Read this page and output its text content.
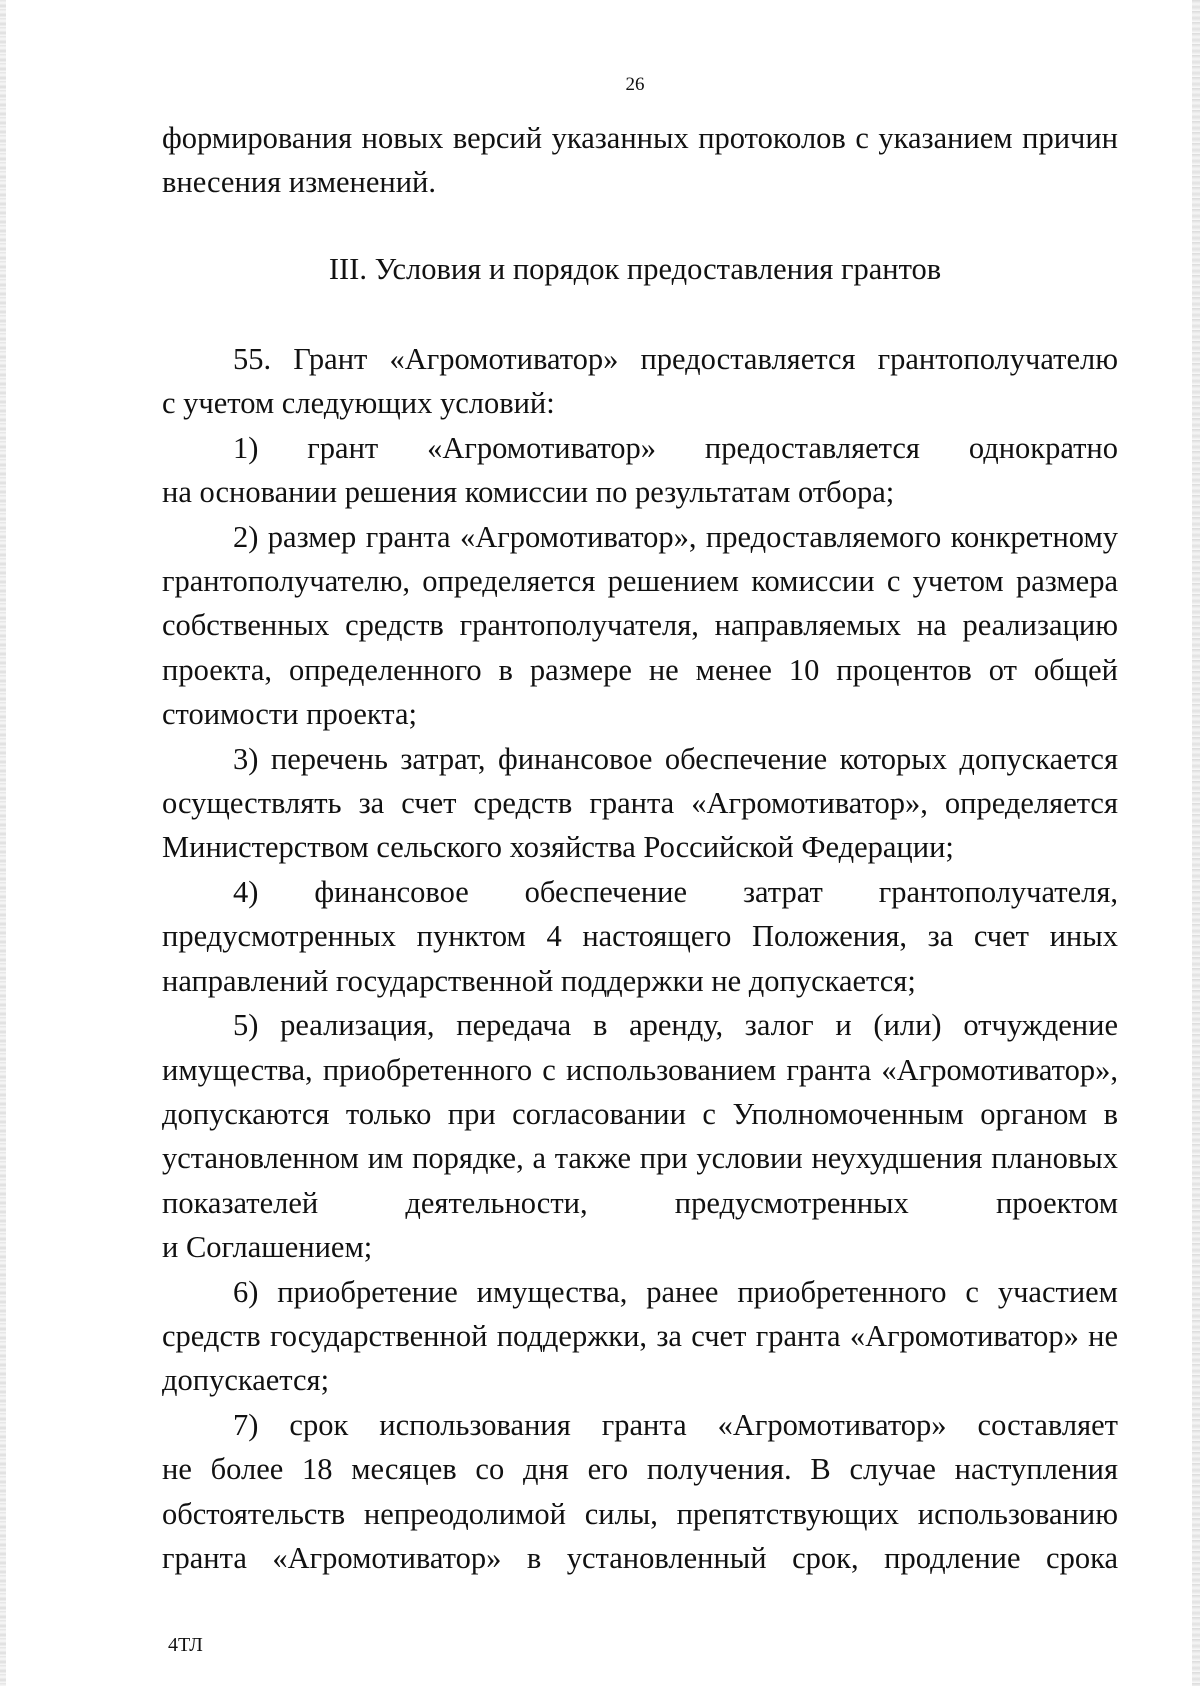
26

формирования новых версий указанных протоколов с указанием причин внесения изменений.

III. Условия и порядок предоставления грантов

55. Грант «Агромотиватор» предоставляется грантополучателю
с учетом следующих условий:

1) грант «Агромотиватор» предоставляется однократно
на основании решения комиссии по результатам отбора;

2) размер гранта «Агромотиватор», предоставляемого конкретному грантополучателю, определяется решением комиссии с учетом размера собственных средств грантополучателя, направляемых на реализацию проекта, определенного в размере не менее 10 процентов от общей стоимости проекта;

3) перечень затрат, финансовое обеспечение которых допускается осуществлять за счет средств гранта «Агромотиватор», определяется Министерством сельского хозяйства Российской Федерации;

4) финансовое обеспечение затрат грантополучателя,
предусмотренных пунктом 4 настоящего Положения, за счет иных направлений государственной поддержки не допускается;

5) реализация, передача в аренду, залог и (или) отчуждение имущества, приобретенного с использованием гранта «Агромотиватор», допускаются только при согласовании с Уполномоченным органом в установленном им порядке, а также при условии неухудшения плановых показателей деятельности, предусмотренных проектом
и Соглашением;

6) приобретение имущества, ранее приобретенного с участием средств государственной поддержки, за счет гранта «Агромотиватор» не допускается;

7) срок использования гранта «Агромотиватор» составляет
не более 18 месяцев со дня его получения. В случае наступления обстоятельств непреодолимой силы, препятствующих использованию гранта «Агромотиватор» в установленный срок, продление срока

4ТЛ
